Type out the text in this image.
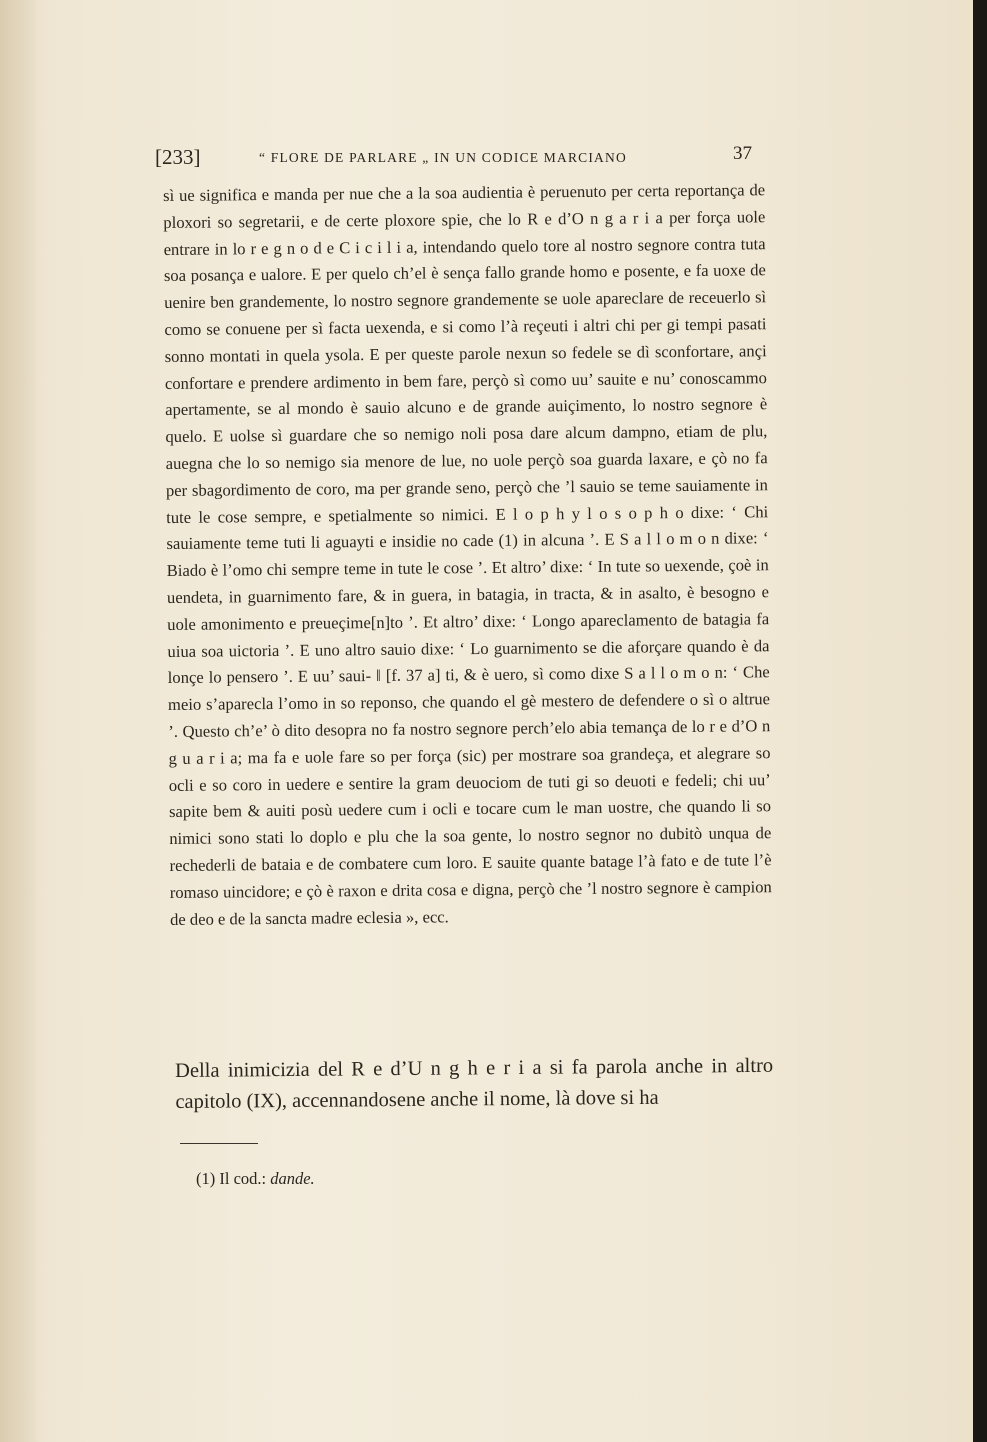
[233]	“ FLORE DE PARLARE „ IN UN CODICE MARCIANO	37

sì ue significa e manda per nue che a la soa audientia è peruenuto per certa reportança de ploxori so segretarii, e de certe ploxore spie, che lo R e d’O n g a r i a per força uole entrare in lo r e g n o d e C i c i l i a, intendando quelo tore al nostro segnore contra tuta soa posança e ualore. E per quelo ch’el è sença fallo grande homo e posente, e fa uoxe de uenire ben grandemente, lo nostro segnore grandemente se uole apareclare de receuerlo sì como se conuene per sì facta uexenda, e si como l’à reçeuti i altri chi per gi tempi pasati sonno montati in quela ysola. E per queste parole nexun so fedele se dì sconfortare, ançi confortare e prendere ardimento in bem fare, perçò sì como uu’ sauite e nu’ conoscammo apertamente, se al mondo è sauio alcuno e de grande auiçimento, lo nostro segnore è quelo. E uolse sì guardare che so nemigo noli posa dare alcum dampno, etiam de plu, auegna che lo so nemigo sia menore de lue, no uole perçò soa guarda laxare, e çò no fa per sbagordimento de coro, ma per grande seno, perçò che ’l sauio se teme sauiamente in tute le cose sempre, e spetialmente so nimici. E l o p h y l o s o p h o dixe: ‘ Chi sauiamente teme tuti li aguayti e insidie no cade (1) in alcuna ’. E S a l l o m o n dixe: ‘ Biado è l’omo chi sempre teme in tute le cose ’. Et altro’ dixe: ‘ In tute so uexende, çoè in uendeta, in guarnimento fare, & in guera, in batagia, in tracta, & in asalto, è besogno e uole amonimento e preueçime[n]to ’. Et altro’ dixe: ‘ Longo apareclamento de batagia fa uiua soa uictoria ’. E uno altro sauio dixe: ‘ Lo guarnimento se die aforçare quando è da lonçe lo pensero ’. E uu’ saui- ǁ [f. 37 a] ti, & è uero, sì como dixe S a l l o m o n: ‘ Che meio s’aparecla l’omo in so reponso, che quando el gè mestero de defendere o sì o altrue ’. Questo ch’e’ ò dito desopra no fa nostro segnore perch’elo abia temança de lo r e d’O n g u a r i a; ma fa e uole fare so per força (sic) per mostrare soa grandeça, et alegrare so ocli e so coro in uedere e sentire la gram deuociom de tuti gi so deuoti e fedeli; chi uu’ sapite bem & auiti posù uedere cum i ocli e tocare cum le man uostre, che quando li so nimici sono stati lo doplo e plu che la soa gente, lo nostro segnor no dubitò unqua de rechederli de bataia e de combatere cum loro. E sauite quante batage l’à fato e de tute l’è romaso uincidore; e çò è raxon e drita cosa e digna, perçò che ’l nostro segnore è campion de deo e de la sancta madre eclesia », ecc.

Della inimicizia del R e d’U n g h e r i a si fa parola anche in altro capitolo (IX), accennandosene anche il nome, là dove si ha

(1) Il cod.: dande.
